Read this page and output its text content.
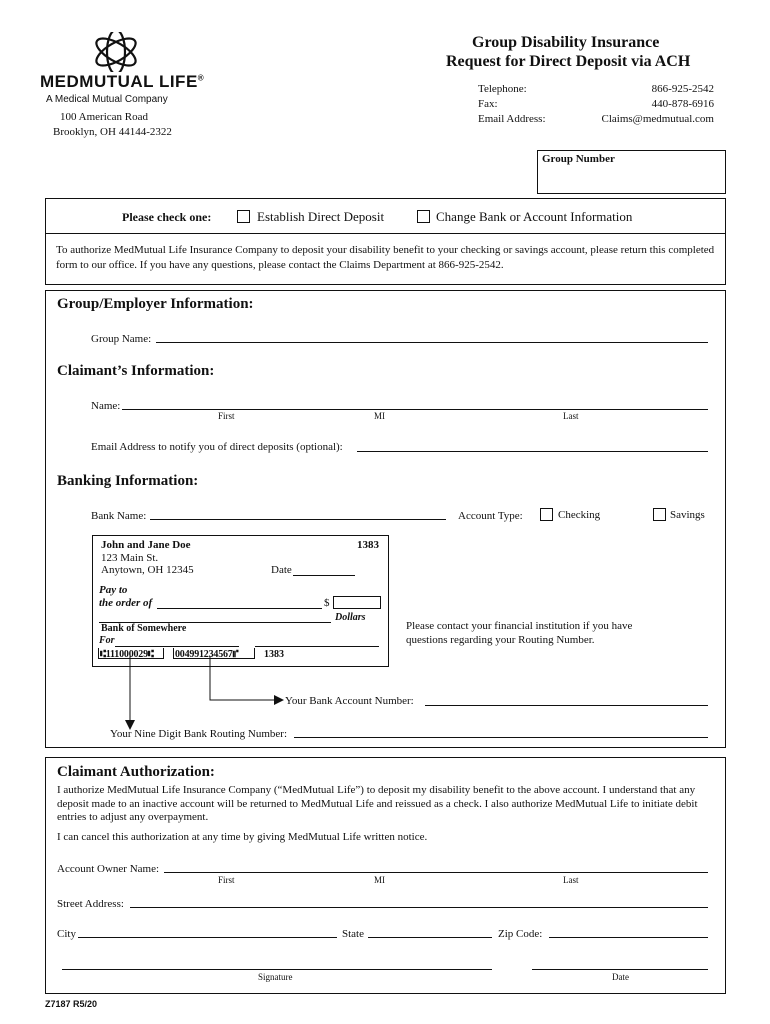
MEDMUTUAL LIFE®
A Medical Mutual Company
100 American Road
Brooklyn, OH 44144-2322
Group Disability Insurance
Request for Direct Deposit via ACH
Telephone:	866-925-2542
Fax:	440-878-6916
Email Address:	Claims@medmutual.com
Group Number
Please check one:	Establish Direct Deposit	Change Bank or Account Information
To authorize MedMutual Life Insurance Company to deposit your disability benefit to your checking or savings account, please return this completed form to our office. If you have any questions, please contact the Claims Department at 866-925-2542.
Group/Employer Information:
Group Name:
Claimant’s Information:
Name:
First	MI	Last
Email Address to notify you of direct deposits (optional):
Banking Information:
Bank Name:	Account Type:	Checking	Savings
John and Jane Doe	1383
123 Main St.
Anytown, OH 12345	Date
Pay to
the order of	$
Dollars
Bank of Somewhere
For
⑆111000029⑆ 004991234567⑈	1383
Please contact your financial institution if you have questions regarding your Routing Number.
Your Bank Account Number:
Your Nine Digit Bank Routing Number:
Claimant Authorization:
I authorize MedMutual Life Insurance Company (“MedMutual Life”) to deposit my disability benefit to the above account. I understand that any deposit made to an inactive account will be returned to MedMutual Life and reissued as a check. I also authorize MedMutual Life to initiate debit entries to adjust any overpayment.
I can cancel this authorization at any time by giving MedMutual Life written notice.
Account Owner Name:
First	MI	Last
Street Address:
City	State	Zip Code:
Signature	Date
Z7187 R5/20
